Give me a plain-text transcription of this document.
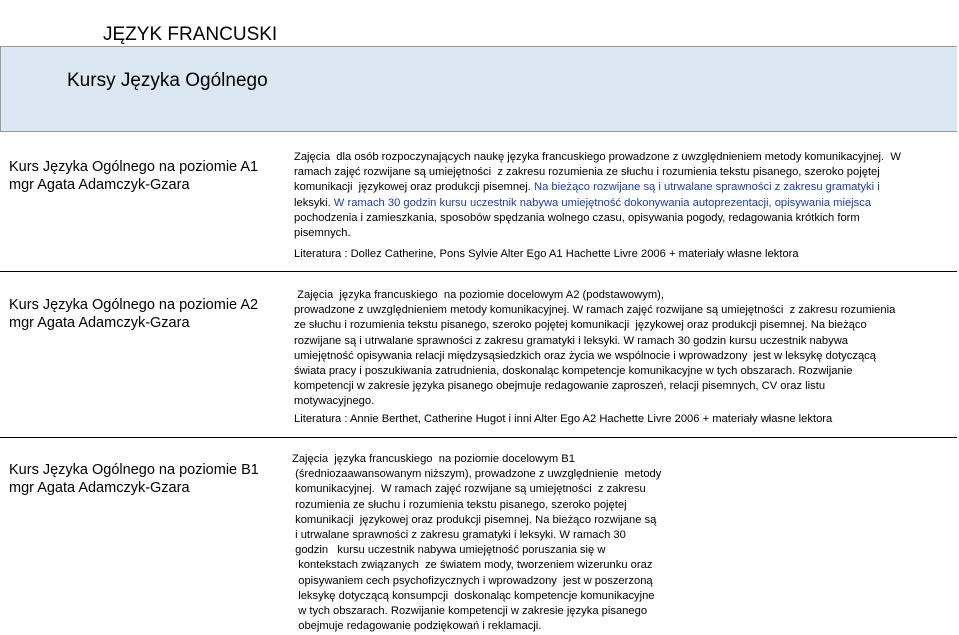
JĘZYK FRANCUSKI
Kursy Języka Ogólnego
Kurs Języka Ogólnego na poziomie A1
mgr Agata Adamczyk-Gzara
Zajęcia  dla osób rozpoczynających naukę języka francuskiego prowadzone z uwzględnieniem metody komunikacyjnej.  W
ramach zajęć rozwijane są umiejętności  z zakresu rozumienia ze słuchu i rozumienia tekstu pisanego, szeroko pojętej
komunikacji  językowej oraz produkcji pisemnej. Na bieżąco rozwijane są i utrwalane sprawności z zakresu gramatyki i
leksyki. W ramach 30 godzin kursu uczestnik nabywa umiejętność dokonywania autoprezentacji, opisywania miejsca
pochodzenia i zamieszkania, sposobów spędzania wolnego czasu, opisywania pogody, redagowania krótkich form
pisemnych.
Literatura : Dollez Catherine, Pons Sylvie Alter Ego A1 Hachette Livre 2006 + materiały własne lektora
Kurs Języka Ogólnego na poziomie A2
mgr Agata Adamczyk-Gzara
Zajęcia  języka francuskiego  na poziomie docelowym A2 (podstawowym),
prowadzone z uwzględnieniem metody komunikacyjnej. W ramach zajęć rozwijane są umiejętności  z zakresu rozumienia
ze słuchu i rozumienia tekstu pisanego, szeroko pojętej komunikacji  językowej oraz produkcji pisemnej. Na bieżąco
rozwijane są i utrwalane sprawności z zakresu gramatyki i leksyki. W ramach 30 godzin kursu uczestnik nabywa
umiejętność opisywania relacji międzysąsiedzkich oraz życia we wspólnocie i wprowadzony  jest w leksykę dotyczącą
świata pracy i poszukiwania zatrudnienia, doskonaląc kompetencje komunikacyjne w tych obszarach. Rozwijanie
kompetencji w zakresie języka pisanego obejmuje redagowanie zaproszeń, relacji pisemnych, CV oraz listu
motywacyjnego.
Literatura : Annie Berthet, Catherine Hugot i inni Alter Ego A2 Hachette Livre 2006 + materiały własne lektora
Kurs Języka Ogólnego na poziomie B1
mgr Agata Adamczyk-Gzara
Zajęcia  języka francuskiego  na poziomie docelowym B1
(średniozaawansowanym niższym), prowadzone z uwzględnienie  metody
komunikacyjnej.  W ramach zajęć rozwijane są umiejętności  z zakresu
rozumienia ze słuchu i rozumienia tekstu pisanego, szeroko pojętej
komunikacji  językowej oraz produkcji pisemnej. Na bieżąco rozwijane są
i utrwalane sprawności z zakresu gramatyki i leksyki. W ramach 30
godzin   kursu uczestnik nabywa umiejętność poruszania się w
kontekstach związanych  ze światem mody, tworzeniem wizerunku oraz
opisywaniem cech psychofizycznych i wprowadzony  jest w poszerzoną
leksykę dotyczącą konsumpcji  doskonaląc kompetencje komunikacyjne
w tych obszarach. Rozwijanie kompetencji w zakresie języka pisanego
obejmuje redagowanie podziękowań i reklamacji.
